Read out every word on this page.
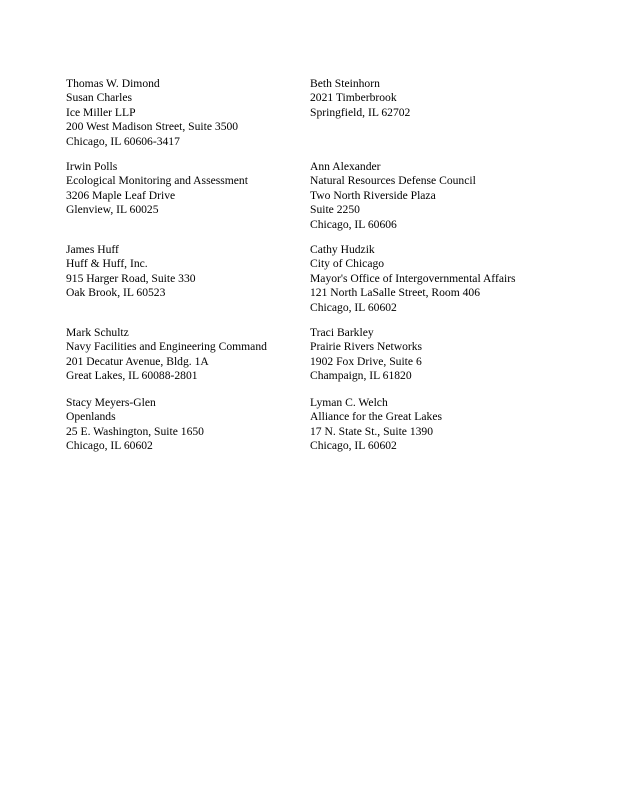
Thomas W. Dimond
Susan Charles
Ice Miller LLP
200 West Madison Street, Suite 3500
Chicago, IL 60606-3417
Irwin Polls
Ecological Monitoring and Assessment
3206 Maple Leaf Drive
Glenview, IL 60025
James Huff
Huff & Huff, Inc.
915 Harger Road, Suite 330
Oak Brook, IL 60523
Mark Schultz
Navy Facilities and Engineering Command
201 Decatur Avenue, Bldg. 1A
Great Lakes, IL 60088-2801
Stacy Meyers-Glen
Openlands
25 E. Washington, Suite 1650
Chicago, IL 60602
Beth Steinhorn
2021 Timberbrook
Springfield, IL 62702
Ann Alexander
Natural Resources Defense Council
Two North Riverside Plaza
Suite 2250
Chicago, IL 60606
Cathy Hudzik
City of Chicago
Mayor's Office of Intergovernmental Affairs
121 North LaSalle Street, Room 406
Chicago, IL 60602
Traci Barkley
Prairie Rivers Networks
1902 Fox Drive, Suite 6
Champaign, IL 61820
Lyman C. Welch
Alliance for the Great Lakes
17 N. State St., Suite 1390
Chicago, IL 60602
